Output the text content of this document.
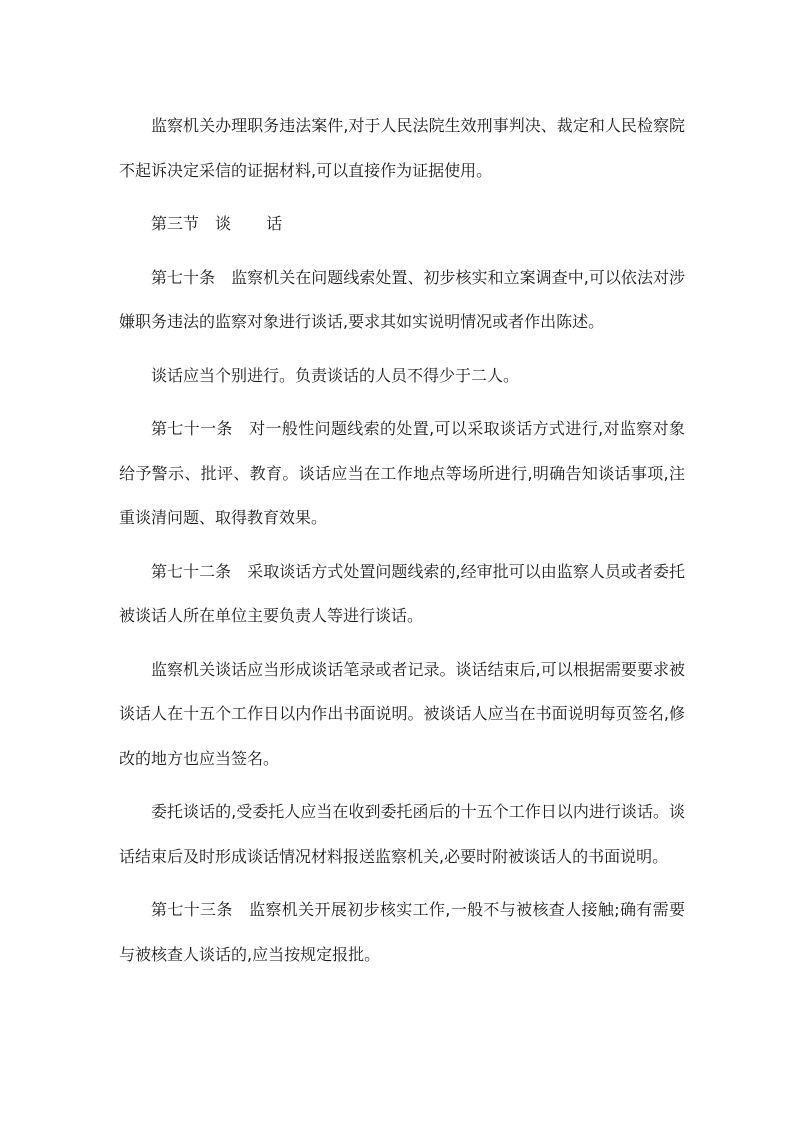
监察机关办理职务违法案件,对于人民法院生效刑事判决、裁定和人民检察院不起诉决定采信的证据材料,可以直接作为证据使用。

第三节 谈 话

第七十条　监察机关在问题线索处置、初步核实和立案调查中,可以依法对涉嫌职务违法的监察对象进行谈话,要求其如实说明情况或者作出陈述。

谈话应当个别进行。负责谈话的人员不得少于二人。

第七十一条　对一般性问题线索的处置,可以采取谈话方式进行,对监察对象给予警示、批评、教育。谈话应当在工作地点等场所进行,明确告知谈话事项,注重谈清问题、取得教育效果。

第七十二条　采取谈话方式处置问题线索的,经审批可以由监察人员或者委托被谈话人所在单位主要负责人等进行谈话。

监察机关谈话应当形成谈话笔录或者记录。谈话结束后,可以根据需要要求被谈话人在十五个工作日以内作出书面说明。被谈话人应当在书面说明每页签名,修改的地方也应当签名。

委托谈话的,受委托人应当在收到委托函后的十五个工作日以内进行谈话。谈话结束后及时形成谈话情况材料报送监察机关,必要时附被谈话人的书面说明。

第七十三条　监察机关开展初步核实工作,一般不与被核查人接触;确有需要与被核查人谈话的,应当按规定报批。
